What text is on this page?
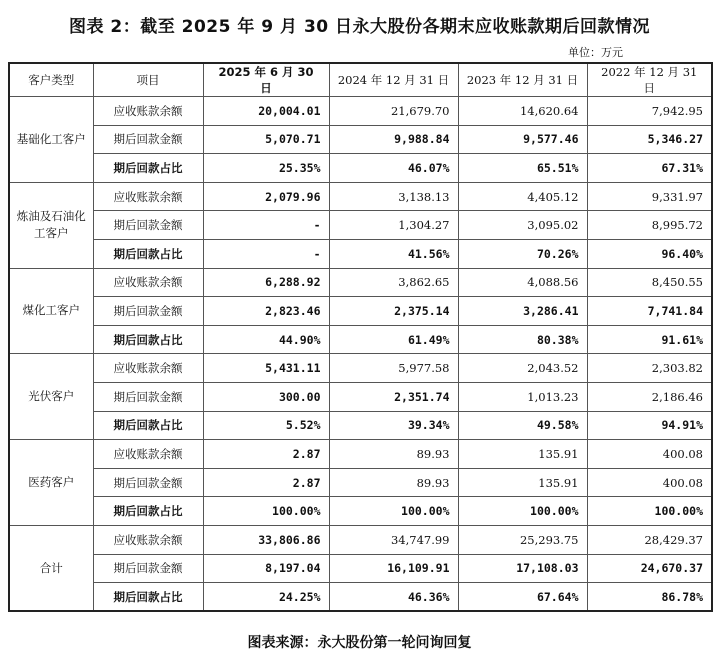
图表 2：截至 2025 年 9 月 30 日永大股份各期末应收账款期后回款情况
单位：万元
客户类型	项目	2025 年 6 月 30 日	2024 年 12 月 31 日	2023 年 12 月 31 日	2022 年 12 月 31 日
基础化工客户	应收账款余额	20,004.01	21,679.70	14,620.64	7,942.95
	期后回款金额	5,070.71	9,988.84	9,577.46	5,346.27
	期后回款占比	25.35%	46.07%	65.51%	67.31%
炼油及石油化工客户	应收账款余额	2,079.96	3,138.13	4,405.12	9,331.97
	期后回款金额	-	1,304.27	3,095.02	8,995.72
	期后回款占比	-	41.56%	70.26%	96.40%
煤化工客户	应收账款余额	6,288.92	3,862.65	4,088.56	8,450.55
	期后回款金额	2,823.46	2,375.14	3,286.41	7,741.84
	期后回款占比	44.90%	61.49%	80.38%	91.61%
光伏客户	应收账款余额	5,431.11	5,977.58	2,043.52	2,303.82
	期后回款金额	300.00	2,351.74	1,013.23	2,186.46
	期后回款占比	5.52%	39.34%	49.58%	94.91%
医药客户	应收账款余额	2.87	89.93	135.91	400.08
	期后回款金额	2.87	89.93	135.91	400.08
	期后回款占比	100.00%	100.00%	100.00%	100.00%
合计	应收账款余额	33,806.86	34,747.99	25,293.75	28,429.37
	期后回款金额	8,197.04	16,109.91	17,108.03	24,670.37
	期后回款占比	24.25%	46.36%	67.64%	86.78%
图表来源：永大股份第一轮问询回复
